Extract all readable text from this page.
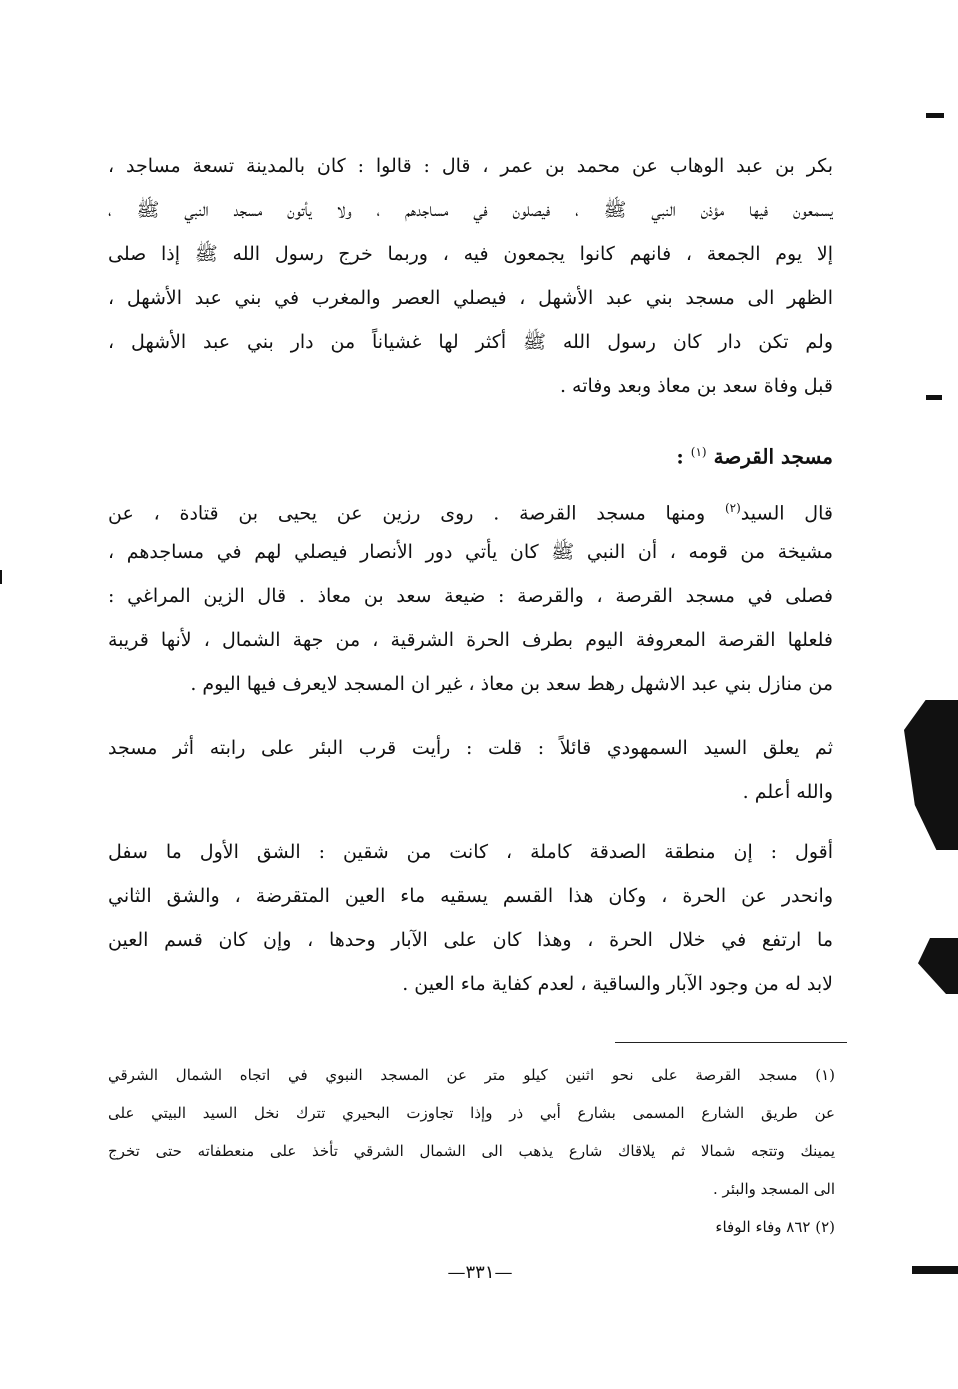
بكر بن عبد الوهاب عن محمد بن عمر ، قال : قالوا : كان بالمدينة تسعة مساجد ،
يسمعون فيها مؤذن النبي ﷺ ، فيصلون في مساجدهم ، ولا يأتون مسجد النبي ﷺ ،
إلا يوم الجمعة ، فانهم كانوا يجمعون فيه ، وربما خرج رسول الله ﷺ إذا صلى
الظهر الى مسجد بني عبد الأشهل ، فيصلي العصر والمغرب في بني عبد الأشهل ،
ولم تكن دار كان رسول الله ﷺ أكثر لها غشياناً من دار بني عبد الأشهل ،
قبل وفاة سعد بن معاذ وبعد وفاته .
مسجد القرصة $^{(١)}$ :
قال السيد$^{(٢)}$ ومنها مسجد القرصة . روى رزين عن يحيى بن قتادة ، عن
مشيخة من قومه ، أن النبي ﷺ كان يأتي دور الأنصار فيصلي لهم في مساجدهم ،
فصلى في مسجد القرصة ، والقرصة : ضيعة سعد بن معاذ . قال الزين المراغي :
فلعلها القرصة المعروفة اليوم بطرف الحرة الشرقية ، من جهة الشمال ، لأنها قريبة
من منازل بني عبد الاشهل رهط سعد بن معاذ ، غير ان المسجد لايعرف فيها اليوم .
ثم يعلق السيد السمهودي قائلاً : قلت : رأيت قرب البئر على رابته أثر مسجد
والله أعلم .
أقول : إن منطقة الصدقة كاملة ، كانت من شقين : الشق الأول ما سفل
وانحدر عن الحرة ، وكان هذا القسم يسقيه ماء العين المتقرضة ، والشق الثاني
ما ارتفع في خلال الحرة ، وهذا كان على الآبار وحدها ، وإن كان قسم العين
لابد له من وجود الآبار والساقية ، لعدم كفاية ماء العين .
(١) مسجد القرصة على نحو اثنين كيلو متر عن المسجد النبوي في اتجاه الشمال الشرقي
عن طريق الشارع المسمى بشارع أبي ذر وإذا تجاوزت البحيري تترك نخل السيد البيتي على
يمينك وتتجه شمالا ثم يلاقاك شارع يذهب الى الشمال الشرقي تأخذ على منعطفاته حتى تخرج
الى المسجد والبئر .
(٢) ٨٦٢ وفاء الوفاء
—٣٣١—
